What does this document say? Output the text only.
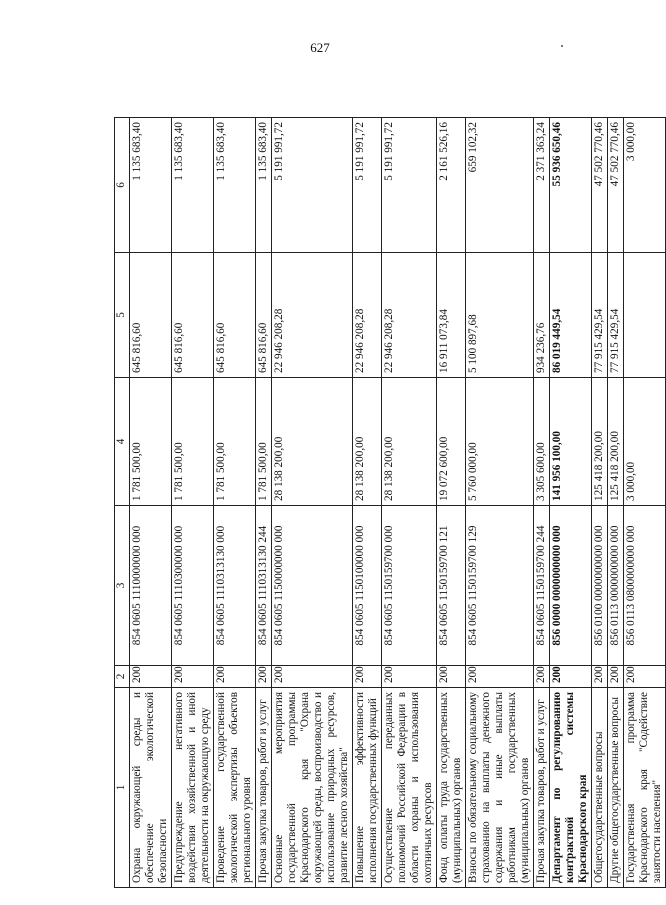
627
1	2	3	4	5	6
Охрана окружающей среды и обеспечение экологической безопасности	200	854 0605 1110000000 000	1 781 500,00	645 816,60	1 135 683,40
Предупреждение негативного воздействия хозяйственной и иной деятельности на окружающую среду	200	854 0605 1110300000 000	1 781 500,00	645 816,60	1 135 683,40
Проведение государственной экологической экспертизы объектов регионального уровня	200	854 0605 1110313130 000	1 781 500,00	645 816,60	1 135 683,40
Прочая закупка товаров, работ и услуг	200	854 0605 1110313130 244	1 781 500,00	645 816,60	1 135 683,40
Основные мероприятия государственной программы Краснодарского края "Охрана окружающей среды, воспроизводство и использование природных ресурсов, развитие лесного хозяйства"	200	854 0605 1150000000 000	28 138 200,00	22 946 208,28	5 191 991,72
Повышение эффективности исполнения государственных функций	200	854 0605 1150100000 000	28 138 200,00	22 946 208,28	5 191 991,72
Осуществление переданных полномочий Российской Федерации в области охраны и использования охотничьих ресурсов	200	854 0605 1150159700 000	28 138 200,00	22 946 208,28	5 191 991,72
Фонд оплаты труда государственных (муниципальных) органов	200	854 0605 1150159700 121	19 072 600,00	16 911 073,84	2 161 526,16
Взносы по обязательному социальному страхованию на выплаты денежного содержания и иные выплаты работникам государственных (муниципальных) органов	200	854 0605 1150159700 129	5 760 000,00	5 100 897,68	659 102,32
Прочая закупка товаров, работ и услуг	200	854 0605 1150159700 244	3 305 600,00	934 236,76	2 371 363,24
Департамент по регулированию контрактной системы Краснодарского края	200	856 0000 0000000000 000	141 956 100,00	86 019 449,54	55 936 650,46
Общегосударственные вопросы	200	856 0100 0000000000 000	125 418 200,00	77 915 429,54	47 502 770,46
Другие общегосударственные вопросы	200	856 0113 0000000000 000	125 418 200,00	77 915 429,54	47 502 770,46
Государственная программа Краснодарского края "Содействие занятости населения"	200	856 0113 0800000000 000	3 000,00		3 000,00
